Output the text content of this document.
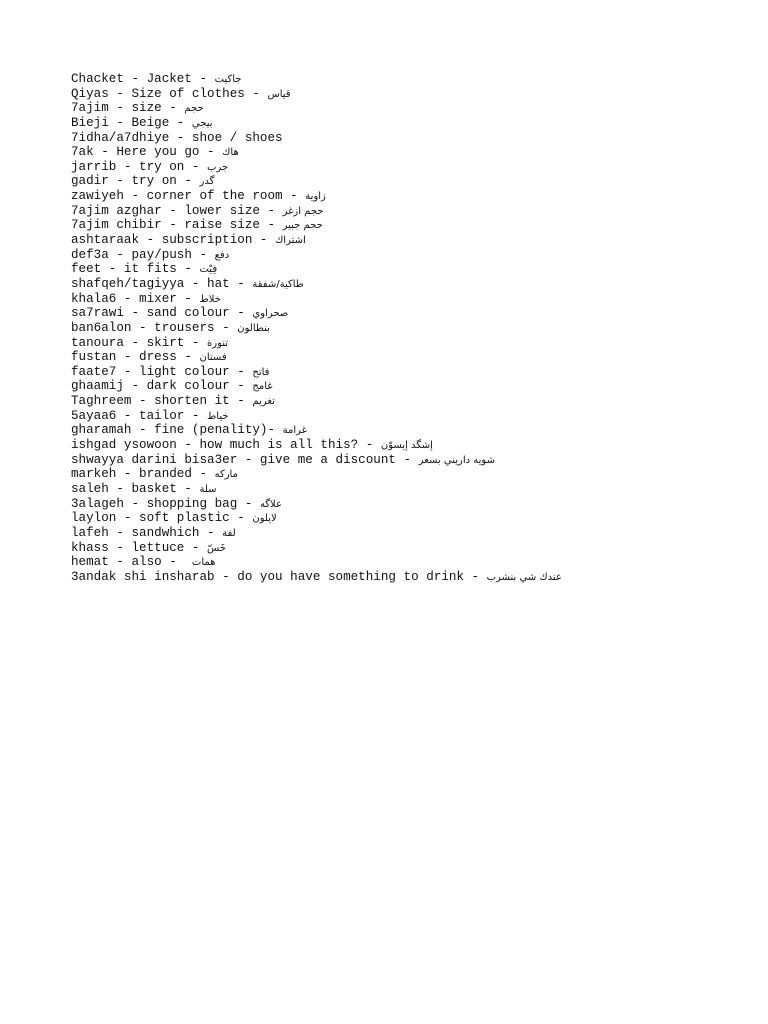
Chacket - Jacket - جاكيت
Qiyas - Size of clothes - قياس
7ajim - size - حجم
Bieji - Beige - بيجي
7idha/a7dhiye - shoe / shoes
7ak - Here you go - هاك
jarrib - try on - جرب
gadir - try on - گدر
zawiyeh - corner of the room - زاوية
7ajim azghar - lower size - حجم ازغر
7ajim chibir - raise size - حجم جبير
ashtaraak - subscription - اشتراك
def3a - pay/push - دفع
feet - it fits - فِيْت
shafqeh/tagiyya - hat - طاكية/شفقة
khala6 - mixer - خلاط
sa7rawi - sand colour - صحراوي
ban6alon - trousers - بنطالون
tanoura - skirt - تنورة
fustan - dress - فستان
faate7 - light colour - فاتح
ghaamij - dark colour - غامج
Taghreem - shorten it - تغريم
5ayaa6 - tailor - خياط
gharamah - fine (penality)- غرامة
ishgad ysowoon - how much is all this? - إشگد إيسوّن
shwayya darini bisa3er - give me a discount - شويه داريني بسعر
markeh - branded - ماركه
saleh - basket - سلة
3alageh - shopping bag - علاگه
laylon - soft plastic - لايلون
lafeh - sandwhich - لفة
khass - lettuce - خَسّ
hemat - also -  همات
3andak shi insharab - do you have something to drink - عندك شي بنشرب
